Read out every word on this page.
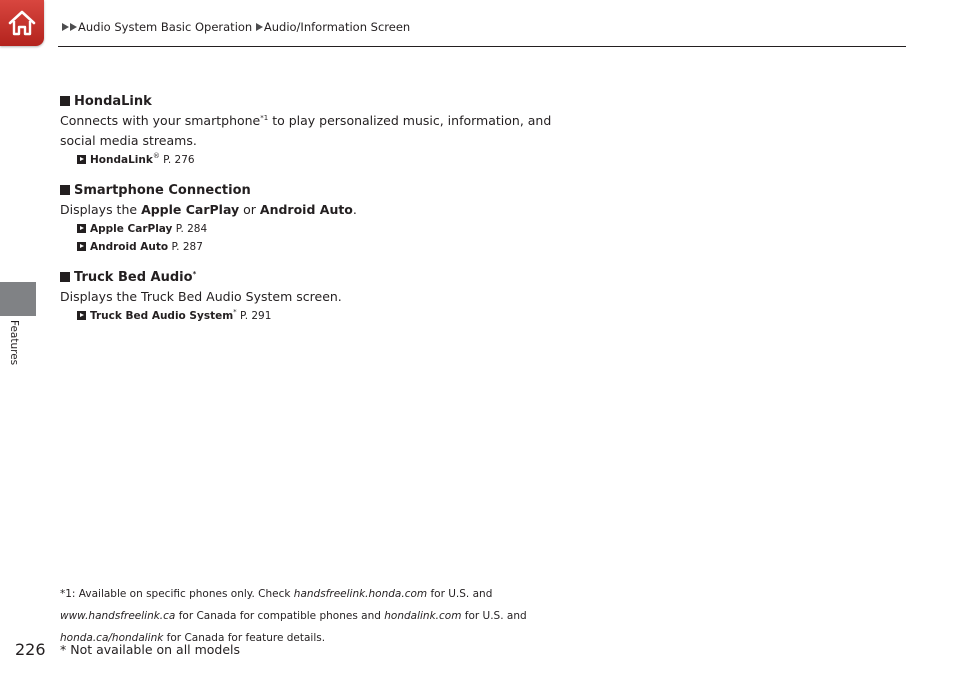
Audio System Basic Operation Audio/Information Screen
Features

HondaLink

Connects with your smartphone$^{*1}$ to play personalized music, information, and social media streams.

HondaLink® P. 276

Smartphone Connection

Displays the Apple CarPlay or Android Auto.

Apple CarPlay P. 284

Android Auto P. 287

Truck Bed Audio*

Displays the Truck Bed Audio System screen.

Truck Bed Audio System* P. 291

*1: Available on specific phones only. Check handsfreelink.honda.com for U.S. and
www.handsfreelink.ca for Canada for compatible phones and hondalink.com for U.S. and
honda.ca/hondalink for Canada for feature details.
226 * Not available on all models
